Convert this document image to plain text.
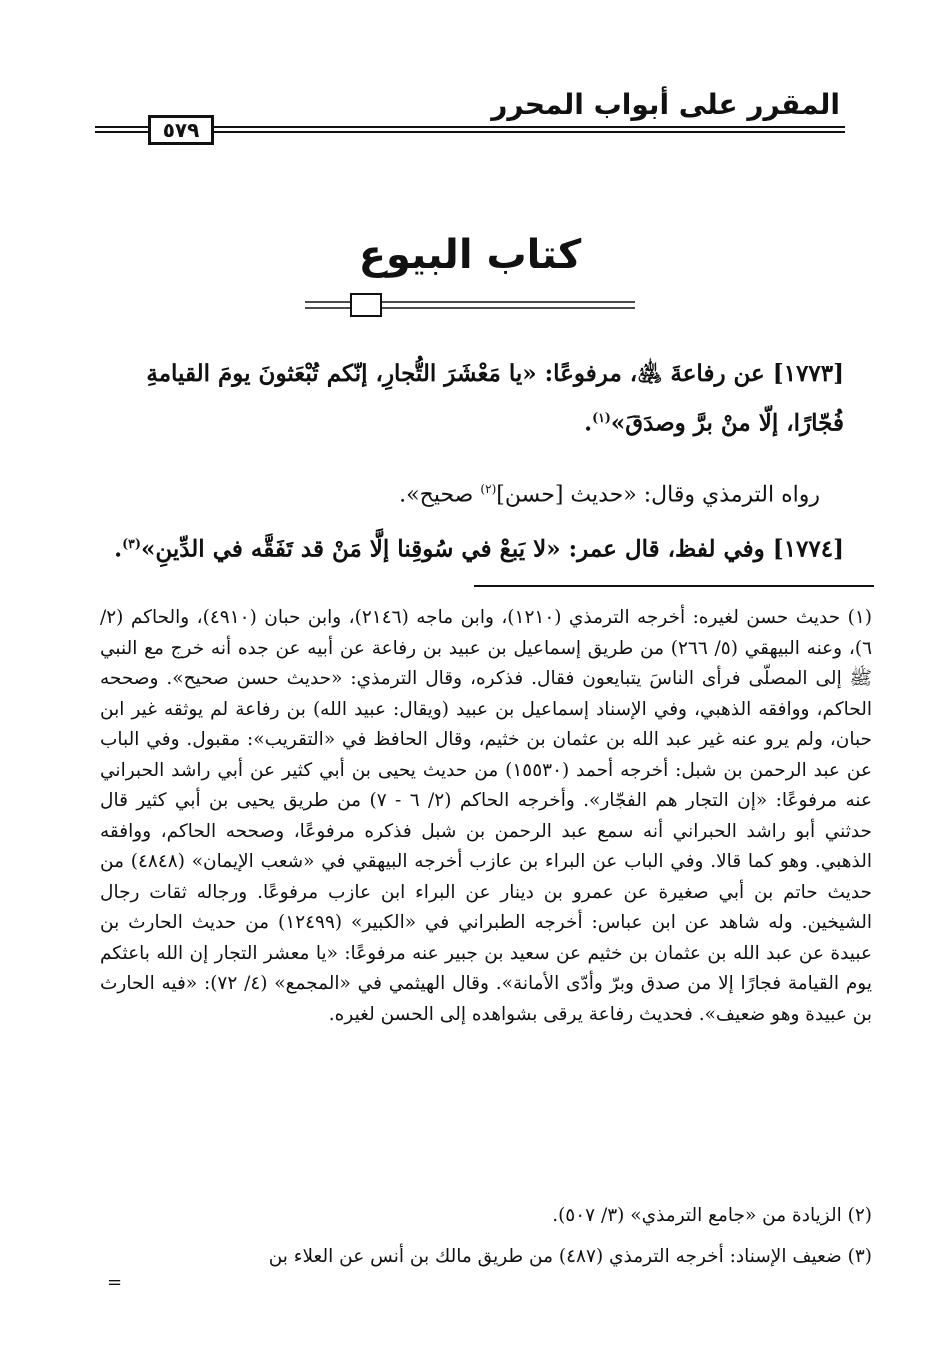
المقرر على أبواب المحرر
٥٧٩
كتاب البيوع
[١٧٧٣] عن رفاعةَ ﵁، مرفوعًا: «يا مَعْشَرَ التُّجارِ، إنّكم تُبْعَثونَ يومَ القيامةِ فُجّارًا، إلّا منْ برَّ وصدَقَ»$^{(١)}$.
رواه الترمذي وقال: «حديث [حسن]$^{(٢)}$ صحيح».
[١٧٧٤] وفي لفظ، قال عمر: «لا يَبعْ في سُوقِنا إلَّا مَنْ قد تَفَقَّه في الدِّينِ»$^{(٣)}$.

(١) حديث حسن لغيره: أخرجه الترمذي (١٢١٠)، وابن ماجه (٢١٤٦)، وابن حبان (٤٩١٠)، والحاكم (٢/ ٦)، وعنه البيهقي (٥/ ٢٦٦) من طريق إسماعيل بن عبيد بن رفاعة عن أبيه عن جده أنه خرج مع النبي ﷺ إلى المصلّى فرأى الناسَ يتبايعون فقال. فذكره، وقال الترمذي: «حديث حسن صحيح». وصححه الحاكم، ووافقه الذهبي، وفي الإسناد إسماعيل بن عبيد (ويقال: عبيد الله) بن رفاعة لم يوثقه غير ابن حبان، ولم يرو عنه غير عبد الله بن عثمان بن خثيم، وقال الحافظ في «التقريب»: مقبول. وفي الباب عن عبد الرحمن بن شبل: أخرجه أحمد (١٥٥٣٠) من حديث يحيى بن أبي كثير عن أبي راشد الحبراني عنه مرفوعًا: «إن التجار هم الفجّار». وأخرجه الحاكم (٢/ ٦ - ٧) من طريق يحيى بن أبي كثير قال حدثني أبو راشد الحبراني أنه سمع عبد الرحمن بن شبل فذكره مرفوعًا، وصححه الحاكم، ووافقه الذهبي. وهو كما قالا. وفي الباب عن البراء بن عازب أخرجه البيهقي في «شعب الإيمان» (٤٨٤٨) من حديث حاتم بن أبي صغيرة عن عمرو بن دينار عن البراء ابن عازب مرفوعًا. ورجاله ثقات رجال الشيخين. وله شاهد عن ابن عباس: أخرجه الطبراني في «الكبير» (١٢٤٩٩) من حديث الحارث بن عبيدة عن عبد الله بن عثمان بن خثيم عن سعيد بن جبير عنه مرفوعًا: «يا معشر التجار إن الله باعثكم يوم القيامة فجارًا إلا من صدق وبرّ وأدّى الأمانة». وقال الهيثمي في «المجمع» (٤/ ٧٢): «فيه الحارث بن عبيدة وهو ضعيف». فحديث رفاعة يرقى بشواهده إلى الحسن لغيره.

(٢) الزيادة من «جامع الترمذي» (٣/ ٥٠٧).
(٣) ضعيف الإسناد: أخرجه الترمذي (٤٨٧) من طريق مالك بن أنس عن العلاء بن
=
